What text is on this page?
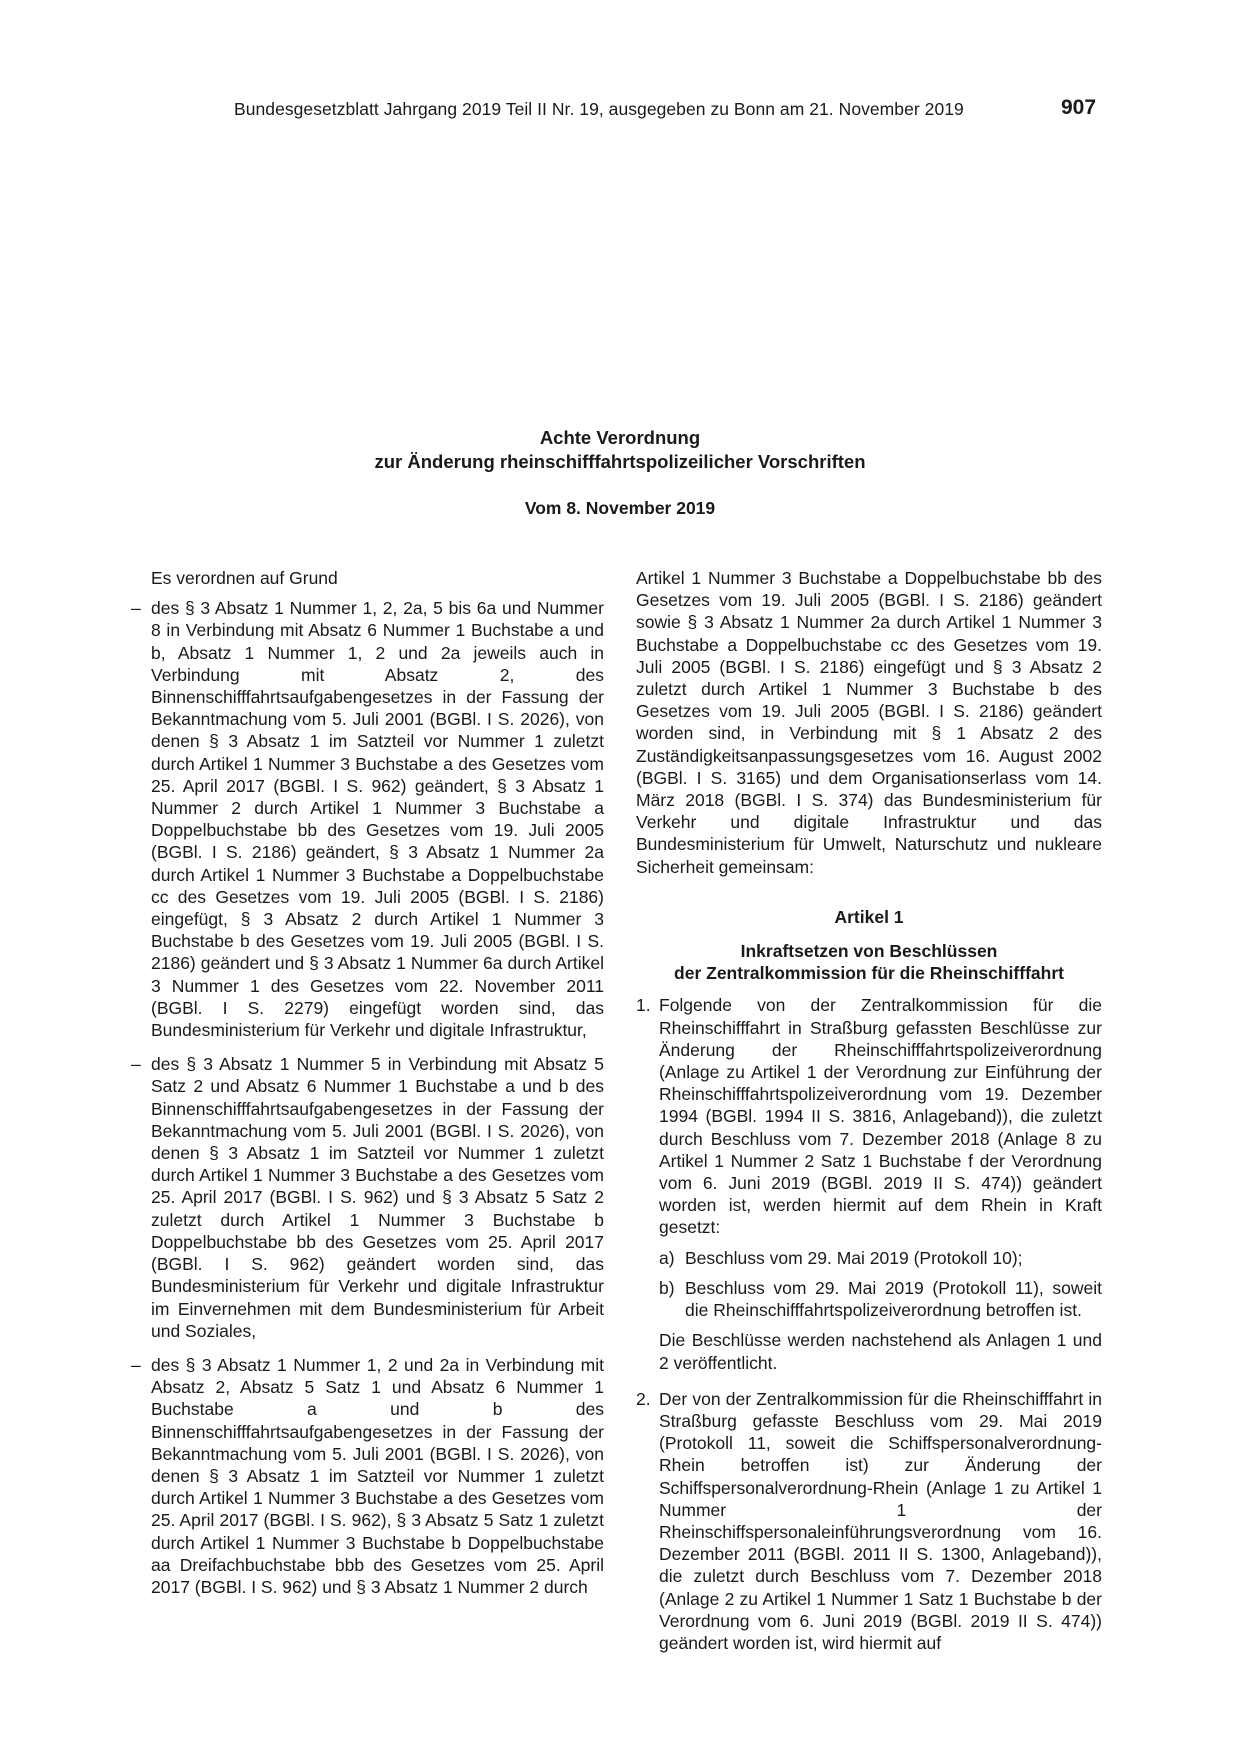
Bundesgesetzblatt Jahrgang 2019 Teil II Nr. 19, ausgegeben zu Bonn am 21. November 2019	907
Achte Verordnung
zur Änderung rheinschifffahrtspolizeilicher Vorschriften
Vom 8. November 2019
Es verordnen auf Grund
– des § 3 Absatz 1 Nummer 1, 2, 2a, 5 bis 6a und Nummer 8 in Verbindung mit Absatz 6 Nummer 1 Buchstabe a und b, Absatz 1 Nummer 1, 2 und 2a jeweils auch in Verbindung mit Absatz 2, des Binnenschifffahrtsaufgabengesetzes in der Fassung der Bekanntmachung vom 5. Juli 2001 (BGBl. I S. 2026), von denen § 3 Absatz 1 im Satzteil vor Nummer 1 zuletzt durch Artikel 1 Nummer 3 Buchstabe a des Gesetzes vom 25. April 2017 (BGBl. I S. 962) geändert, § 3 Absatz 1 Nummer 2 durch Artikel 1 Nummer 3 Buchstabe a Doppelbuchstabe bb des Gesetzes vom 19. Juli 2005 (BGBl. I S. 2186) geändert, § 3 Absatz 1 Nummer 2a durch Artikel 1 Nummer 3 Buchstabe a Doppelbuchstabe cc des Gesetzes vom 19. Juli 2005 (BGBl. I S. 2186) eingefügt, § 3 Absatz 2 durch Artikel 1 Nummer 3 Buchstabe b des Gesetzes vom 19. Juli 2005 (BGBl. I S. 2186) geändert und § 3 Absatz 1 Nummer 6a durch Artikel 3 Nummer 1 des Gesetzes vom 22. November 2011 (BGBl. I S. 2279) eingefügt worden sind, das Bundesministerium für Verkehr und digitale Infrastruktur,
– des § 3 Absatz 1 Nummer 5 in Verbindung mit Absatz 5 Satz 2 und Absatz 6 Nummer 1 Buchstabe a und b des Binnenschifffahrtsaufgabengesetzes in der Fassung der Bekanntmachung vom 5. Juli 2001 (BGBl. I S. 2026), von denen § 3 Absatz 1 im Satzteil vor Nummer 1 zuletzt durch Artikel 1 Nummer 3 Buchstabe a des Gesetzes vom 25. April 2017 (BGBl. I S. 962) und § 3 Absatz 5 Satz 2 zuletzt durch Artikel 1 Nummer 3 Buchstabe b Doppelbuchstabe bb des Gesetzes vom 25. April 2017 (BGBl. I S. 962) geändert worden sind, das Bundesministerium für Verkehr und digitale Infrastruktur im Einvernehmen mit dem Bundesministerium für Arbeit und Soziales,
– des § 3 Absatz 1 Nummer 1, 2 und 2a in Verbindung mit Absatz 2, Absatz 5 Satz 1 und Absatz 6 Nummer 1 Buchstabe a und b des Binnenschifffahrtsaufgabengesetzes in der Fassung der Bekanntmachung vom 5. Juli 2001 (BGBl. I S. 2026), von denen § 3 Absatz 1 im Satzteil vor Nummer 1 zuletzt durch Artikel 1 Nummer 3 Buchstabe a des Gesetzes vom 25. April 2017 (BGBl. I S. 962), § 3 Absatz 5 Satz 1 zuletzt durch Artikel 1 Nummer 3 Buchstabe b Doppelbuchstabe aa Dreifachbuchstabe bbb des Gesetzes vom 25. April 2017 (BGBl. I S. 962) und § 3 Absatz 1 Nummer 2 durch
Artikel 1 Nummer 3 Buchstabe a Doppelbuchstabe bb des Gesetzes vom 19. Juli 2005 (BGBl. I S. 2186) geändert sowie § 3 Absatz 1 Nummer 2a durch Artikel 1 Nummer 3 Buchstabe a Doppelbuchstabe cc des Gesetzes vom 19. Juli 2005 (BGBl. I S. 2186) eingefügt und § 3 Absatz 2 zuletzt durch Artikel 1 Nummer 3 Buchstabe b des Gesetzes vom 19. Juli 2005 (BGBl. I S. 2186) geändert worden sind, in Verbindung mit § 1 Absatz 2 des Zuständigkeitsanpassungsgesetzes vom 16. August 2002 (BGBl. I S. 3165) und dem Organisationserlass vom 14. März 2018 (BGBl. I S. 374) das Bundesministerium für Verkehr und digitale Infrastruktur und das Bundesministerium für Umwelt, Naturschutz und nukleare Sicherheit gemeinsam:
Artikel 1
Inkraftsetzen von Beschlüssen
der Zentralkommission für die Rheinschifffahrt
1. Folgende von der Zentralkommission für die Rheinschifffahrt in Straßburg gefassten Beschlüsse zur Änderung der Rheinschifffahrtspolizeiverordnung (Anlage zu Artikel 1 der Verordnung zur Einführung der Rheinschifffahrtspolizeiverordnung vom 19. Dezember 1994 (BGBl. 1994 II S. 3816, Anlageband)), die zuletzt durch Beschluss vom 7. Dezember 2018 (Anlage 8 zu Artikel 1 Nummer 2 Satz 1 Buchstabe f der Verordnung vom 6. Juni 2019 (BGBl. 2019 II S. 474)) geändert worden ist, werden hiermit auf dem Rhein in Kraft gesetzt:
a) Beschluss vom 29. Mai 2019 (Protokoll 10);
b) Beschluss vom 29. Mai 2019 (Protokoll 11), soweit die Rheinschifffahrtspolizeiverordnung betroffen ist.
Die Beschlüsse werden nachstehend als Anlagen 1 und 2 veröffentlicht.
2. Der von der Zentralkommission für die Rheinschifffahrt in Straßburg gefasste Beschluss vom 29. Mai 2019 (Protokoll 11, soweit die Schiffspersonalverordnung-Rhein betroffen ist) zur Änderung der Schiffspersonalverordnung-Rhein (Anlage 1 zu Artikel 1 Nummer 1 der Rheinschiffspersonaleinführungsverordnung vom 16. Dezember 2011 (BGBl. 2011 II S. 1300, Anlageband)), die zuletzt durch Beschluss vom 7. Dezember 2018 (Anlage 2 zu Artikel 1 Nummer 1 Satz 1 Buchstabe b der Verordnung vom 6. Juni 2019 (BGBl. 2019 II S. 474)) geändert worden ist, wird hiermit auf
